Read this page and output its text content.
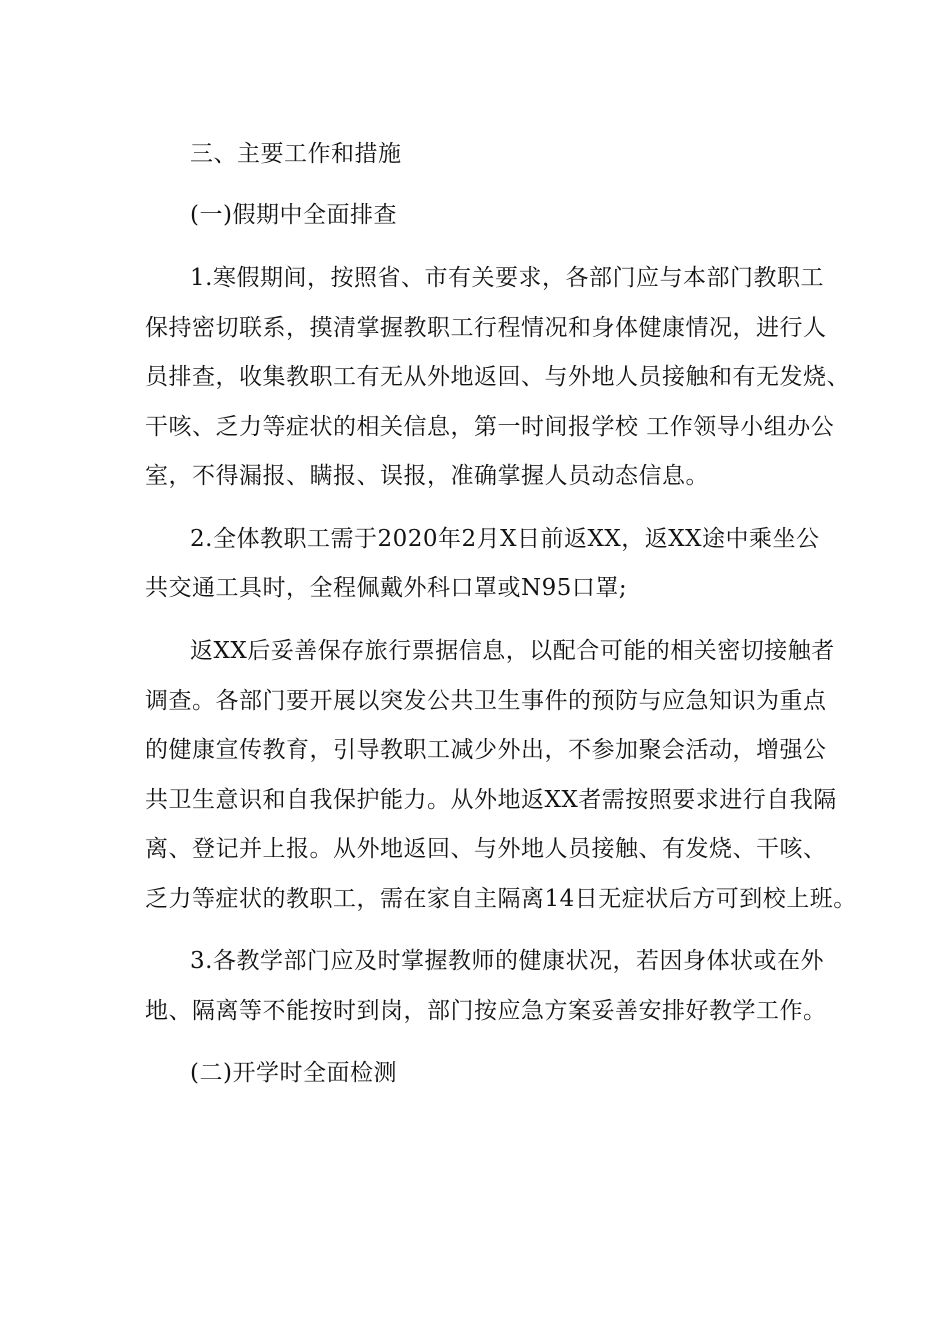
三、主要工作和措施
(一)假期中全面排查
1.寒假期间，按照省、市有关要求，各部门应与本部门教职工
保持密切联系，摸清掌握教职工行程情况和身体健康情况，进行人
员排查，收集教职工有无从外地返回、与外地人员接触和有无发烧、
干咳、乏力等症状的相关信息，第一时间报学校 工作领导小组办公
室，不得漏报、瞒报、误报，准确掌握人员动态信息。
2.全体教职工需于2020年2月X日前返XX，返XX途中乘坐公
共交通工具时，全程佩戴外科口罩或N95口罩;
返XX后妥善保存旅行票据信息，以配合可能的相关密切接触者
调查。各部门要开展以突发公共卫生事件的预防与应急知识为重点
的健康宣传教育，引导教职工减少外出，不参加聚会活动，增强公
共卫生意识和自我保护能力。从外地返XX者需按照要求进行自我隔
离、登记并上报。从外地返回、与外地人员接触、有发烧、干咳、
乏力等症状的教职工，需在家自主隔离14日无症状后方可到校上班。
3.各教学部门应及时掌握教师的健康状况，若因身体状或在外
地、隔离等不能按时到岗，部门按应急方案妥善安排好教学工作。
(二)开学时全面检测
